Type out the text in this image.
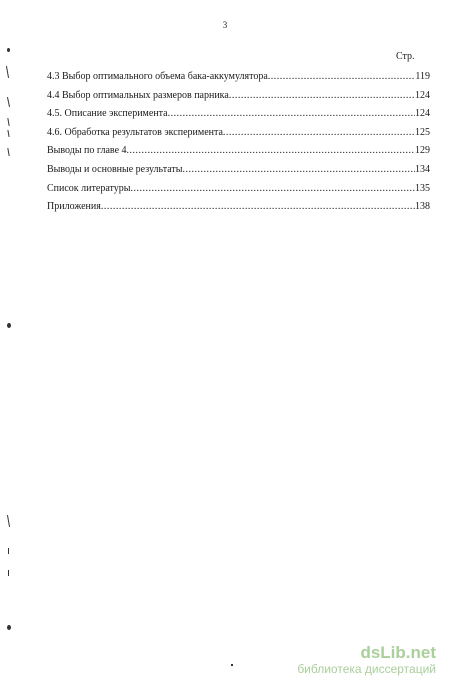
3
Стр.
4.3 Выбор оптимального объема бака-аккумулятора .....	119
4.4 Выбор оптимальных размеров парника .....	124
4.5. Описание эксперимента .....	124
4.6. Обработка результатов эксперимента .....	125
Выводы по главе 4 .....	129
Выводы и основные результаты .....	134
Список литературы .....	135
Приложения .....	138
dsLib.net
библиотека диссертаций
